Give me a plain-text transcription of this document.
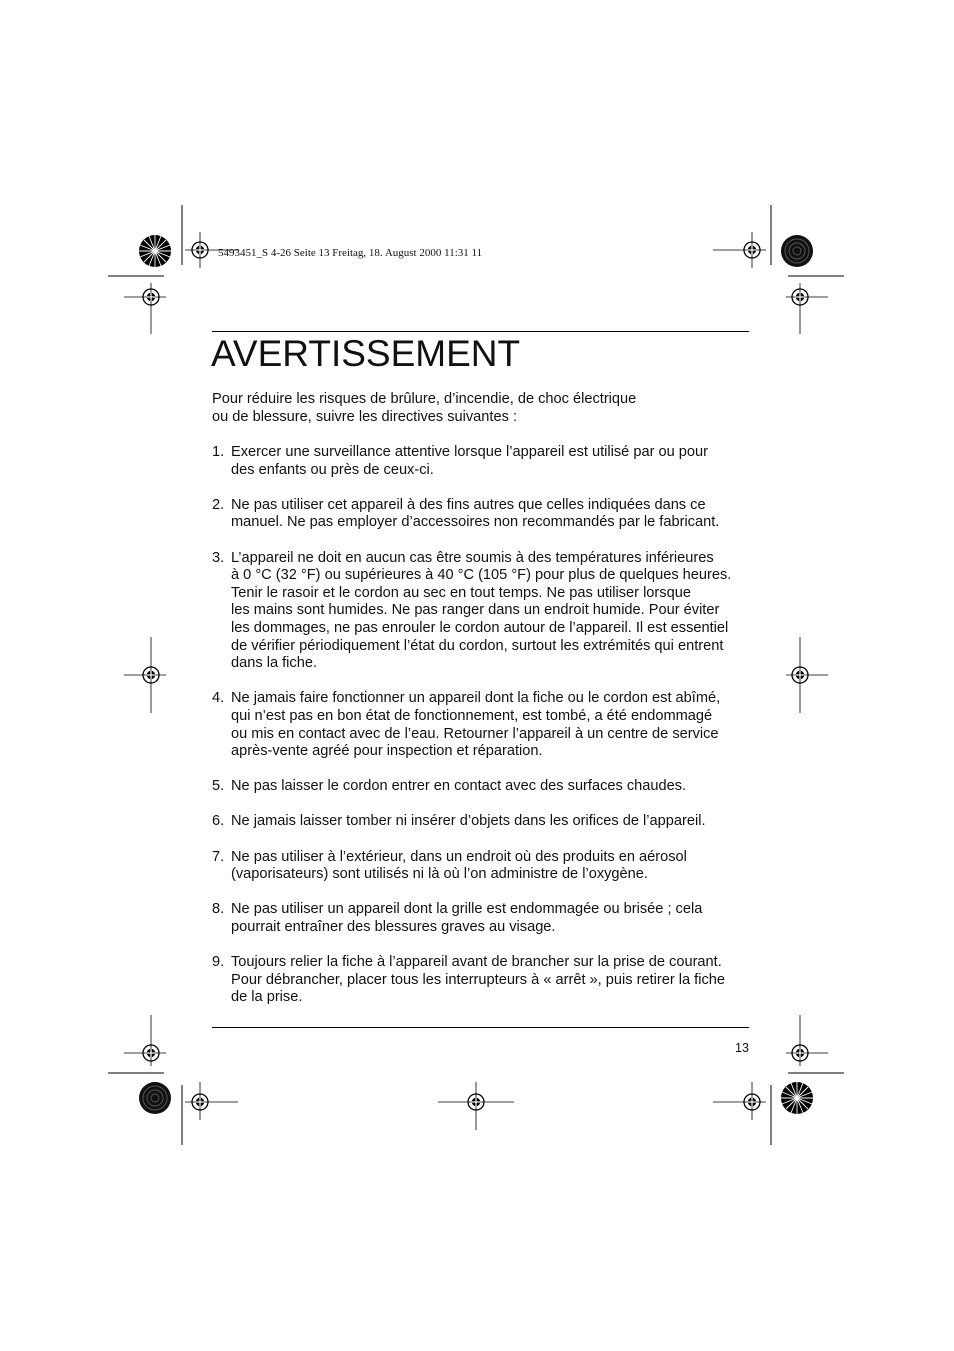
5493451_S 4-26 Seite 13 Freitag, 18. August 2000 11:31 11
AVERTISSEMENT
Pour réduire les risques de brûlure, d’incendie, de choc électrique
ou de blessure, suivre les directives suivantes :
1. Exercer une surveillance attentive lorsque l’appareil est utilisé par ou pour
des enfants ou près de ceux-ci.
2. Ne pas utiliser cet appareil à des fins autres que celles indiquées dans ce
manuel. Ne pas employer d’accessoires non recommandés par le fabricant.
3. L’appareil ne doit en aucun cas être soumis à des températures inférieures
à 0 °C (32 °F) ou supérieures à 40 °C (105 °F) pour plus de quelques heures.
Tenir le rasoir et le cordon au sec en tout temps. Ne pas utiliser lorsque
les mains sont humides. Ne pas ranger dans un endroit humide. Pour éviter
les dommages, ne pas enrouler le cordon autour de l’appareil. Il est essentiel
de vérifier périodiquement l’état du cordon, surtout les extrémités qui entrent
dans la fiche.
4. Ne jamais faire fonctionner un appareil dont la fiche ou le cordon est abîmé,
qui n’est pas en bon état de fonctionnement, est tombé, a été endommagé
ou mis en contact avec de l’eau. Retourner l’appareil à un centre de service
après-vente agréé pour inspection et réparation.
5. Ne pas laisser le cordon entrer en contact avec des surfaces chaudes.
6. Ne jamais laisser tomber ni insérer d’objets dans les orifices de l’appareil.
7. Ne pas utiliser à l’extérieur, dans un endroit où des produits en aérosol
(vaporisateurs) sont utilisés ni là où l’on administre de l’oxygène.
8. Ne pas utiliser un appareil dont la grille est endommagée ou brisée ; cela
pourrait entraîner des blessures graves au visage.
9. Toujours relier la fiche à l’appareil avant de brancher sur la prise de courant.
Pour débrancher, placer tous les interrupteurs à « arrêt », puis retirer la fiche
de la prise.
13
